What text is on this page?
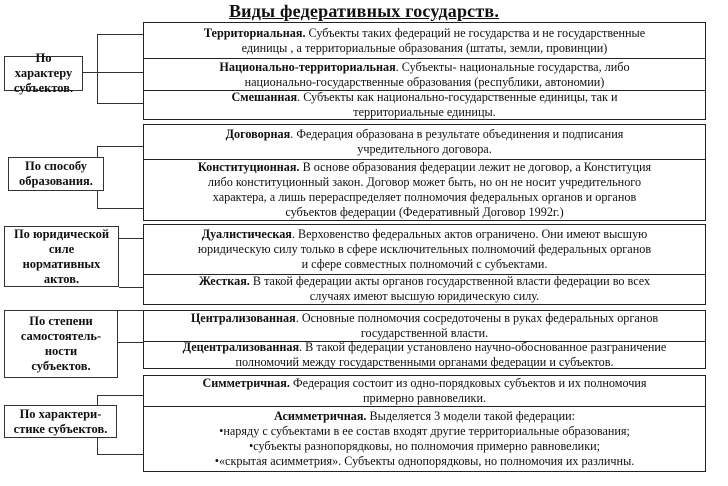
Виды федеративных государств.
По характеру
субъектов.
Территориальная. Субъекты таких федераций не государства и не государственные
единицы , а территориальные образования (штаты, земли, провинции)
Национально-территориальная. Субъекты- национальные государства, либо
национально-государственные образования (республики, автономии)
Смешанная. Субъекты как национально-государственные единицы, так и
территориальные единицы.
По способу
образования.
Договорная. Федерация образована в результате объединения и подписания
учредительного договора.
Конституционная. В основе образования федерации лежит не договор, а Конституция
либо конституционный закон. Договор может быть, но он не носит учредительного
характера, а лишь перераспределяет полномочия федеральных органов и органов
субъектов федерации (Федеративный Договор 1992г.)
По юридической
силе
нормативных
актов.
Дуалистическая. Верховенство федеральных актов ограничено. Они имеют высшую
юридическую силу только в сфере исключительных полномочий федеральных органов
и сфере совместных полномочий с субъектами.
Жесткая. В такой федерации акты органов государственной власти федерации во всех
случаях имеют высшую юридическую силу.
По степени
самостоятель-
ности
субъектов.
Централизованная. Основные полномочия сосредоточены в руках федеральных органов
государственной власти.
Децентрализованная. В такой федерации установлено научно-обоснованное разграничение
полномочий между государственными органами федерации и субъектов.
По характери-
стике субъектов.
Симметричная. Федерация состоит из одно-порядковых субъектов и их полномочия
примерно равновелики.
Асимметричная. Выделяется 3 модели такой федерации:
•наряду с субъектами в ее состав входят другие территориальные образования;
•субъекты разнопорядковы, но полномочия примерно равновелики;
•«скрытая асимметрия». Субъекты однопорядковы, но полномочия их различны.
